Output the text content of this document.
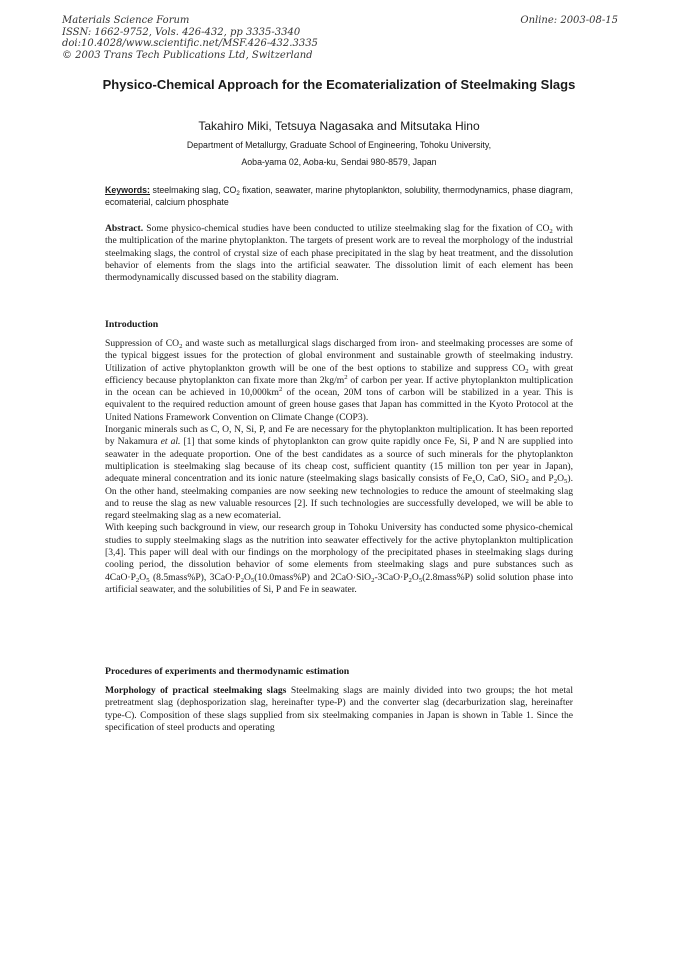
Materials Science Forum
ISSN: 1662-9752, Vols. 426-432, pp 3335-3340
doi:10.4028/www.scientific.net/MSF.426-432.3335
© 2003 Trans Tech Publications Ltd, Switzerland
Online: 2003-08-15
Physico-Chemical Approach for the Ecomaterialization of Steelmaking Slags
Takahiro Miki, Tetsuya Nagasaka and Mitsutaka Hino
Department of Metallurgy, Graduate School of Engineering, Tohoku University,
Aoba-yama 02, Aoba-ku, Sendai 980-8579, Japan
Keywords: steelmaking slag, $CO_2$ fixation, seawater, marine phytoplankton, solubility, thermodynamics, phase diagram, ecomaterial, calcium phosphate

Abstract. Some physico-chemical studies have been conducted to utilize steelmaking slag for the fixation of $CO_2$ with the multiplication of the marine phytoplankton. The targets of present work are to reveal the morphology of the industrial steelmaking slags, the control of crystal size of each phase precipitated in the slag by heat treatment, and the dissolution behavior of elements from the slags into the artificial seawater. The dissolution limit of each element has been thermodynamically discussed based on the stability diagram.

Introduction

Suppression of $CO_2$ and waste such as metallurgical slags discharged from iron- and steelmaking processes are some of the typical biggest issues for the protection of global environment and sustainable growth of steelmaking industry. Utilization of active phytoplankton growth will be one of the best options to stabilize and suppress $CO_2$ with great efficiency because phytoplankton can fixate more than $2kg/m^2$ of carbon per year. If active phytoplankton multiplication in the ocean can be achieved in $10,000km^2$ of the ocean, 20M tons of carbon will be stabilized in a year. This is equivalent to the required reduction amount of green house gases that Japan has committed in the Kyoto Protocol at the United Nations Framework Convention on Climate Change (COP3).

Inorganic minerals such as C, O, N, Si, P, and Fe are necessary for the phytoplankton multiplication. It has been reported by Nakamura et al. [1] that some kinds of phytoplankton can grow quite rapidly once Fe, Si, P and N are supplied into seawater in the adequate proportion. One of the best candidates as a source of such minerals for the phytoplankton multiplication is steelmaking slag because of its cheap cost, sufficient quantity (15 million ton per year in Japan), adequate mineral concentration and its ionic nature (steelmaking slags basically consists of $Fe_xO$, CaO, SiO$_2$ and $P_2O_5$). On the other hand, steelmaking companies are now seeking new technologies to reduce the amount of steelmaking slag and to reuse the slag as new valuable resources [2]. If such technologies are successfully developed, we will be able to regard steelmaking slag as a new ecomaterial.

With keeping such background in view, our research group in Tohoku University has conducted some physico-chemical studies to supply steelmaking slags as the nutrition into seawater effectively for the active phytoplankton multiplication [3,4]. This paper will deal with our findings on the morphology of the precipitated phases in steelmaking slags during cooling period, the dissolution behavior of some elements from steelmaking slags and pure substances such as $4CaO\cdot P_2O_5$ (8.5mass%P), $3CaO\cdot P_2O_5(10.0mass\%P)$ and $2CaO\cdot SiO_2-3CaO\cdot P_2O_5(2.8mass\%P)$ solid solution phase into artificial seawater, and the solubilities of Si, P and Fe in seawater.

Procedures of experiments and thermodynamic estimation

Morphology of practical steelmaking slags Steelmaking slags are mainly divided into two groups; the hot metal pretreatment slag (dephosporization slag, hereinafter type-P) and the converter slag (decarburization slag, hereinafter type-C). Composition of these slags supplied from six steelmaking companies in Japan is shown in Table 1. Since the specification of steel products and operating
